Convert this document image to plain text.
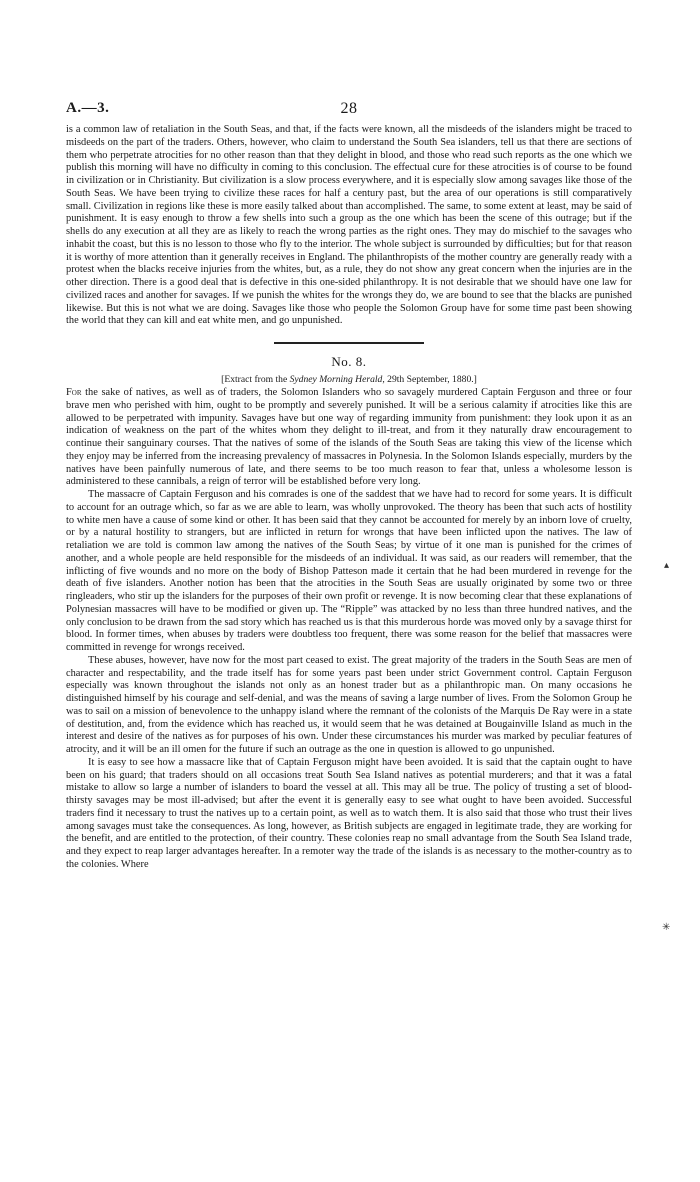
A.—3.	28

is a common law of retaliation in the South Seas, and that, if the facts were known, all the misdeeds of the islanders might be traced to misdeeds on the part of the traders. Others, however, who claim to understand the South Sea islanders, tell us that there are sections of them who perpetrate atrocities for no other reason than that they delight in blood, and those who read such reports as the one which we publish this morning will have no difficulty in coming to this conclusion. The effectual cure for these atrocities is of course to be found in civilization or in Christianity. But civilization is a slow process everywhere, and it is especially slow among savages like those of the South Seas. We have been trying to civilize these races for half a century past, but the area of our operations is still comparatively small. Civilization in regions like these is more easily talked about than accomplished. The same, to some extent at least, may be said of punishment. It is easy enough to throw a few shells into such a group as the one which has been the scene of this outrage; but if the shells do any execution at all they are as likely to reach the wrong parties as the right ones. They may do mischief to the savages who inhabit the coast, but this is no lesson to those who fly to the interior. The whole subject is surrounded by difficulties; but for that reason it is worthy of more attention than it generally receives in England. The philanthropists of the mother country are generally ready with a protest when the blacks receive injuries from the whites, but, as a rule, they do not show any great concern when the injuries are in the other direction. There is a good deal that is defective in this one-sided philanthropy. It is not desirable that we should have one law for civilized races and another for savages. If we punish the whites for the wrongs they do, we are bound to see that the blacks are punished likewise. But this is not what we are doing. Savages like those who people the Solomon Group have for some time past been showing the world that they can kill and eat white men, and go unpunished.

No. 8.
[Extract from the Sydney Morning Herald, 29th September, 1880.]

For the sake of natives, as well as of traders, the Solomon Islanders who so savagely murdered Captain Ferguson and three or four brave men who perished with him, ought to be promptly and severely punished. It will be a serious calamity if atrocities like this are allowed to be perpetrated with impunity. Savages have but one way of regarding immunity from punishment: they look upon it as an indication of weakness on the part of the whites whom they delight to ill-treat, and from it they naturally draw encouragement to continue their sanguinary courses. That the natives of some of the islands of the South Seas are taking this view of the license which they enjoy may be inferred from the increasing prevalency of massacres in Polynesia. In the Solomon Islands especially, murders by the natives have been painfully numerous of late, and there seems to be too much reason to fear that, unless a wholesome lesson is administered to these cannibals, a reign of terror will be established before very long.

The massacre of Captain Ferguson and his comrades is one of the saddest that we have had to record for some years. It is difficult to account for an outrage which, so far as we are able to learn, was wholly unprovoked. The theory has been that such acts of hostility to white men have a cause of some kind or other. It has been said that they cannot be accounted for merely by an inborn love of cruelty, or by a natural hostility to strangers, but are inflicted in return for wrongs that have been inflicted upon the natives. The law of retaliation we are told is common law among the natives of the South Seas; by virtue of it one man is punished for the crimes of another, and a whole people are held responsible for the misdeeds of an individual. It was said, as our readers will remember, that the inflicting of five wounds and no more on the body of Bishop Patteson made it certain that he had been murdered in revenge for the death of five islanders. Another notion has been that the atrocities in the South Seas are usually originated by some two or three ringleaders, who stir up the islanders for the purposes of their own profit or revenge. It is now becoming clear that these explanations of Polynesian massacres will have to be modified or given up. The “Ripple” was attacked by no less than three hundred natives, and the only conclusion to be drawn from the sad story which has reached us is that this murderous horde was moved only by a savage thirst for blood. In former times, when abuses by traders were doubtless too frequent, there was some reason for the belief that massacres were committed in revenge for wrongs received.

These abuses, however, have now for the most part ceased to exist. The great majority of the traders in the South Seas are men of character and respectability, and the trade itself has for some years past been under strict Government control. Captain Ferguson especially was known throughout the islands not only as an honest trader but as a philanthropic man. On many occasions he distinguished himself by his courage and self-denial, and was the means of saving a large number of lives. From the Solomon Group he was to sail on a mission of benevolence to the unhappy island where the remnant of the colonists of the Marquis De Ray were in a state of destitution, and, from the evidence which has reached us, it would seem that he was detained at Bougainville Island as much in the interest and desire of the natives as for purposes of his own. Under these circumstances his murder was marked by peculiar features of atrocity, and it will be an ill omen for the future if such an outrage as the one in question is allowed to go unpunished.

It is easy to see how a massacre like that of Captain Ferguson might have been avoided. It is said that the captain ought to have been on his guard; that traders should on all occasions treat South Sea Island natives as potential murderers; and that it was a fatal mistake to allow so large a number of islanders to board the vessel at all. This may all be true. The policy of trusting a set of blood-thirsty savages may be most ill-advised; but after the event it is generally easy to see what ought to have been avoided. Successful traders find it necessary to trust the natives up to a certain point, as well as to watch them. It is also said that those who trust their lives among savages must take the consequences. As long, however, as British subjects are engaged in legitimate trade, they are working for the benefit, and are entitled to the protection, of their country. These colonies reap no small advantage from the South Sea Island trade, and they expect to reap larger advantages hereafter. In a remoter way the trade of the islands is as necessary to the mother-country as to the colonies. Where

▴
✳
